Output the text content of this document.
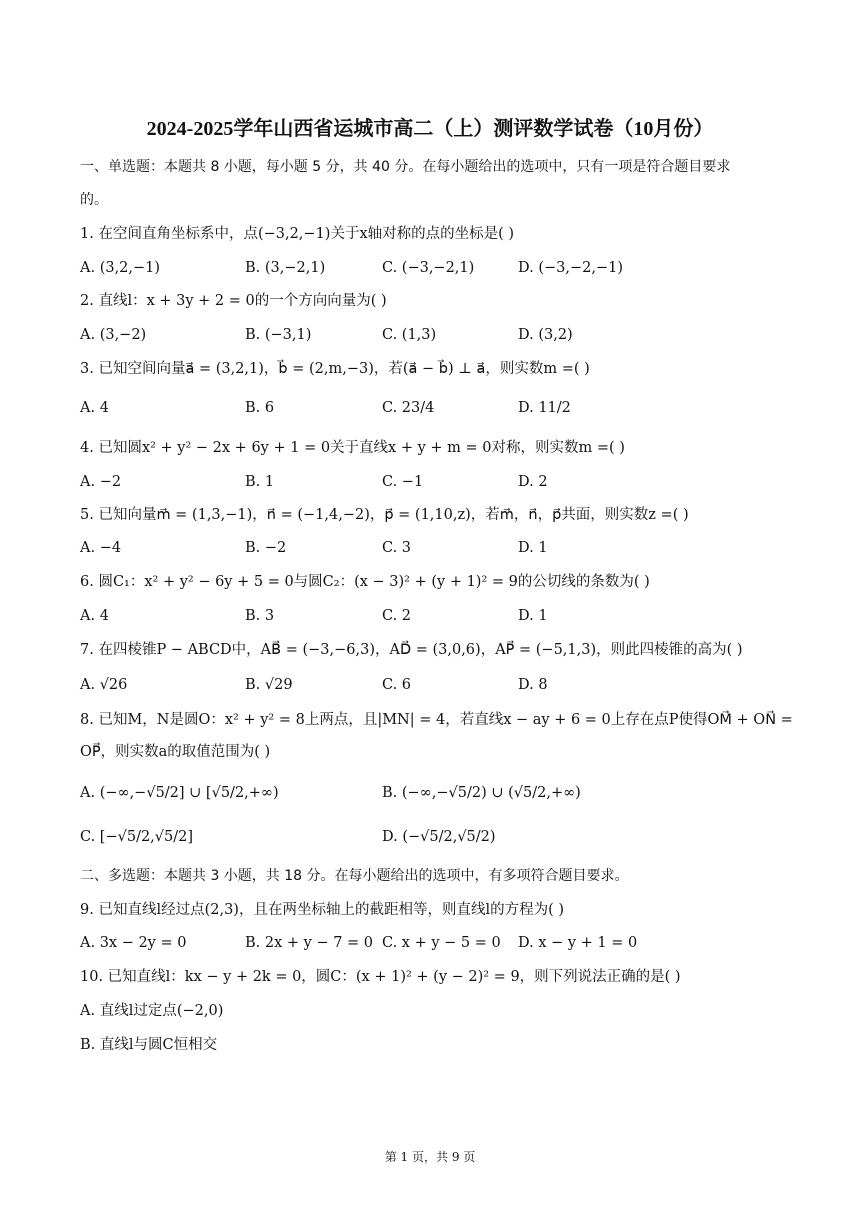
2024-2025学年山西省运城市高二（上）测评数学试卷（10月份）
一、单选题：本题共 8 小题，每小题 5 分，共 40 分。在每小题给出的选项中，只有一项是符合题目要求
的。
1. 在空间直角坐标系中，点(−3,2,−1)关于x轴对称的点的坐标是( )
A. (3,2,−1)	B. (3,−2,1)	C. (−3,−2,1)	D. (−3,−2,−1)
2. 直线l：x + 3y + 2 = 0的一个方向向量为( )
A. (3,−2)	B. (−3,1)	C. (1,3)	D. (3,2)
3. 已知空间向量a⃗ = (3,2,1)，b⃗ = (2,m,−3)，若(a⃗ − b⃗) ⊥ a⃗，则实数m =( )
A. 4	B. 6	C. 23/4	D. 11/2
4. 已知圆x² + y² − 2x + 6y + 1 = 0关于直线x + y + m = 0对称，则实数m =( )
A. −2	B. 1	C. −1	D. 2
5. 已知向量m⃗ = (1,3,−1)，n⃗ = (−1,4,−2)，p⃗ = (1,10,z)，若m⃗，n⃗，p⃗共面，则实数z =( )
A. −4	B. −2	C. 3	D. 1
6. 圆C₁：x² + y² − 6y + 5 = 0与圆C₂：(x − 3)² + (y + 1)² = 9的公切线的条数为( )
A. 4	B. 3	C. 2	D. 1
7. 在四棱锥P − ABCD中，AB⃗ = (−3,−6,3)，AD⃗ = (3,0,6)，AP⃗ = (−5,1,3)，则此四棱锥的高为( )
A. √26	B. √29	C. 6	D. 8
8. 已知M，N是圆O：x² + y² = 8上两点，且|MN| = 4，若直线x − ay + 6 = 0上存在点P使得OM⃗ + ON⃗ =
OP⃗，则实数a的取值范围为( )
A. (−∞,−√5/2] ∪ [√5/2,+∞)	B. (−∞,−√5/2) ∪ (√5/2,+∞)
C. [−√5/2,√5/2]	D. (−√5/2,√5/2)
二、多选题：本题共 3 小题，共 18 分。在每小题给出的选项中，有多项符合题目要求。
9. 已知直线l经过点(2,3)，且在两坐标轴上的截距相等，则直线l的方程为( )
A. 3x − 2y = 0	B. 2x + y − 7 = 0 C. x + y − 5 = 0 D. x − y + 1 = 0
10. 已知直线l：kx − y + 2k = 0，圆C：(x + 1)² + (y − 2)² = 9，则下列说法正确的是( )
A. 直线l过定点(−2,0)
B. 直线l与圆C恒相交
第 1 页，共 9 页
